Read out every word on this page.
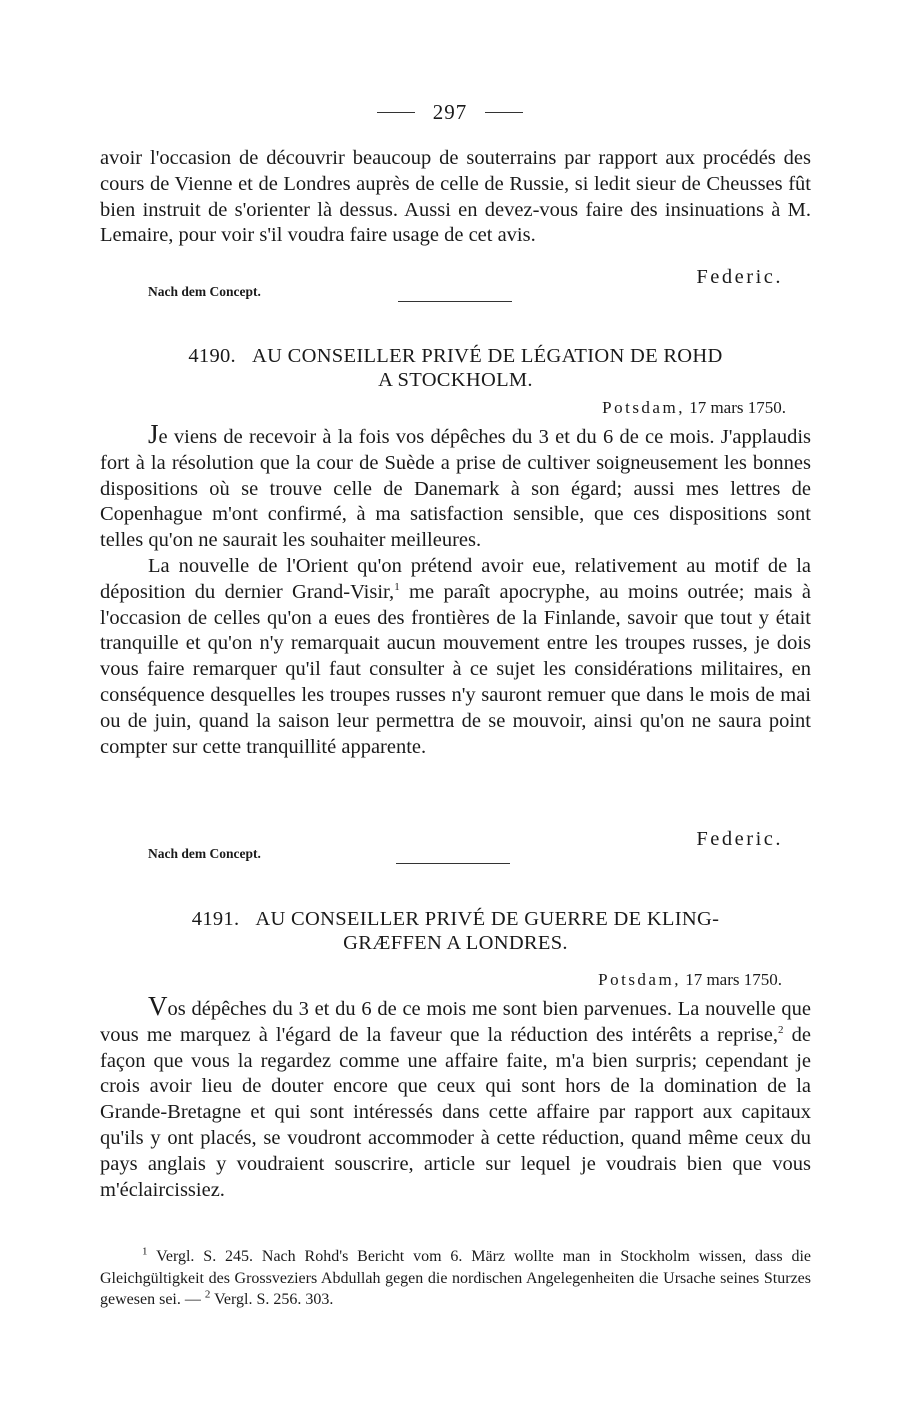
297

avoir l'occasion de découvrir beaucoup de souterrains par rapport aux procédés des cours de Vienne et de Londres auprès de celle de Russie, si ledit sieur de Cheusses fût bien instruit de s'orienter là dessus. Aussi en devez-vous faire des insinuations à M. Lemaire, pour voir s'il voudra faire usage de cet avis.

Federic.
Nach dem Concept.
4190. AU CONSEILLER PRIVÉ DE LÉGATION DE ROHD
A STOCKHOLM.
Potsdam, 17 mars 1750.

Je viens de recevoir à la fois vos dépêches du 3 et du 6 de ce mois. J'applaudis fort à la résolution que la cour de Suède a prise de cultiver soigneusement les bonnes dispositions où se trouve celle de Danemark à son égard; aussi mes lettres de Copenhague m'ont confirmé, à ma satisfaction sensible, que ces dispositions sont telles qu'on ne saurait les souhaiter meilleures.

La nouvelle de l'Orient qu'on prétend avoir eue, relativement au motif de la déposition du dernier Grand-Visir,$^1$ me paraît apocryphe, au moins outrée; mais à l'occasion de celles qu'on a eues des frontières de la Finlande, savoir que tout y était tranquille et qu'on n'y remarquait aucun mouvement entre les troupes russes, je dois vous faire remarquer qu'il faut consulter à ce sujet les considérations militaires, en conséquence desquelles les troupes russes n'y sauront remuer que dans le mois de mai ou de juin, quand la saison leur permettra de se mouvoir, ainsi qu'on ne saura point compter sur cette tranquillité apparente.

Federic.
Nach dem Concept.
4191. AU CONSEILLER PRIVÉ DE GUERRE DE KLING-
GRÆFFEN A LONDRES.
Potsdam, 17 mars 1750.

Vos dépêches du 3 et du 6 de ce mois me sont bien parvenues. La nouvelle que vous me marquez à l'égard de la faveur que la réduction des intérêts a reprise,$^2$ de façon que vous la regardez comme une affaire faite, m'a bien surpris; cependant je crois avoir lieu de douter encore que ceux qui sont hors de la domination de la Grande-Bretagne et qui sont intéressés dans cette affaire par rapport aux capitaux qu'ils y ont placés, se voudront accommoder à cette réduction, quand même ceux du pays anglais y voudraient souscrire, article sur lequel je voudrais bien que vous m'éclaircissiez.

$^1$ Vergl. S. 245. Nach Rohd's Bericht vom 6. März wollte man in Stockholm wissen, dass die Gleichgültigkeit des Grossveziers Abdullah gegen die nordischen Angelegenheiten die Ursache seines Sturzes gewesen sei. — $^2$ Vergl. S. 256. 303.
